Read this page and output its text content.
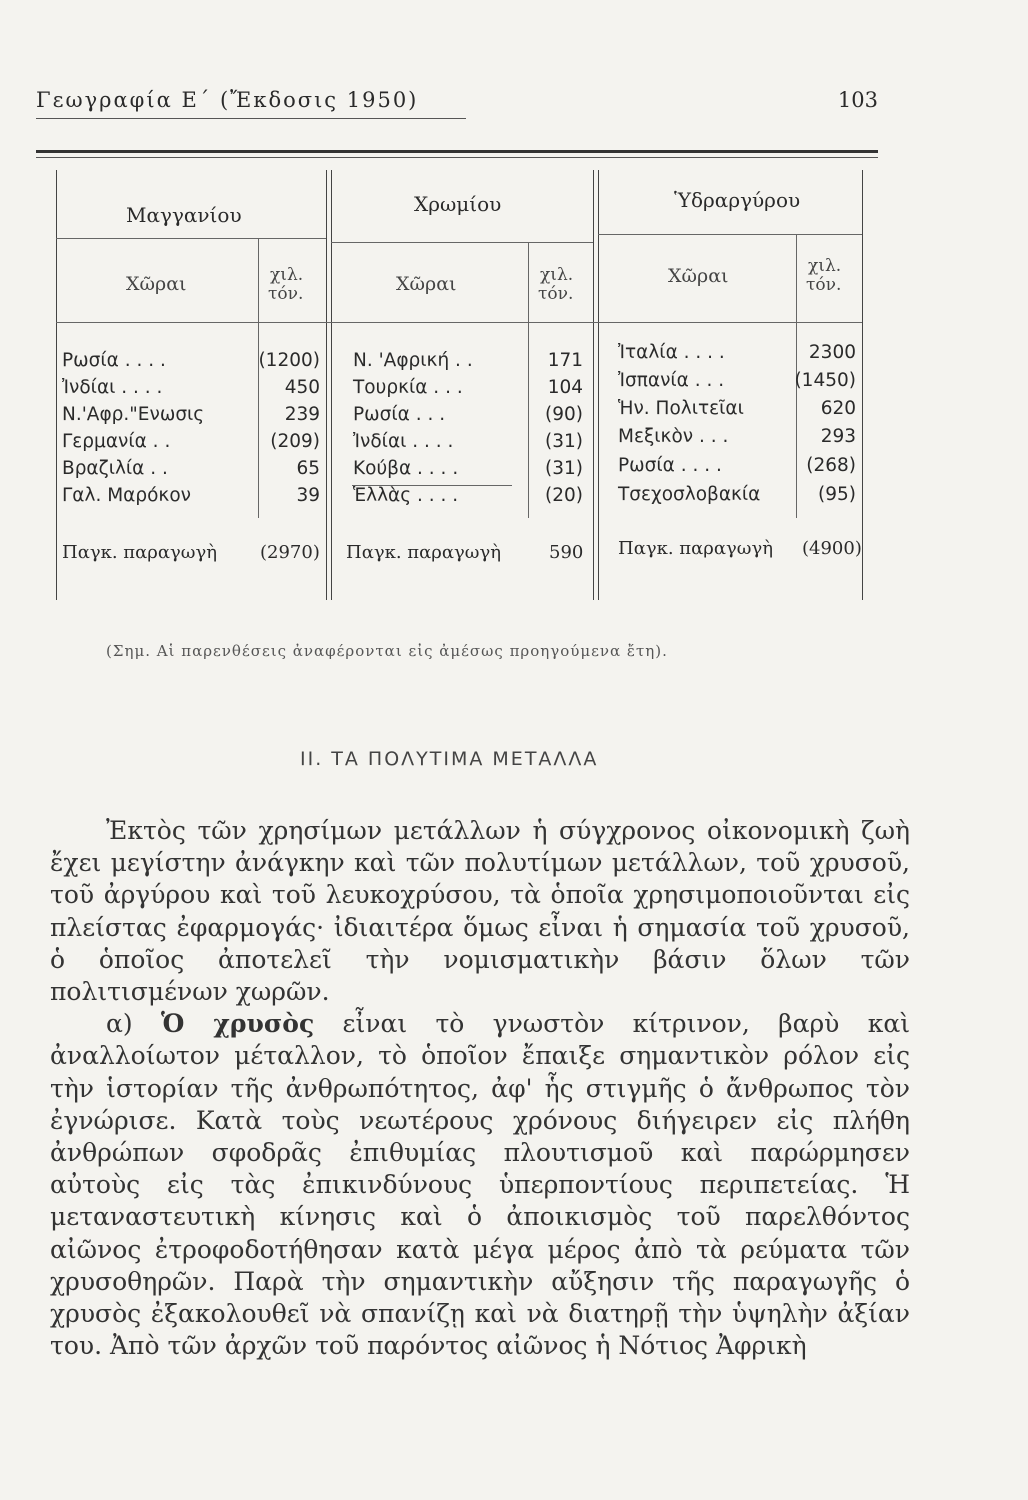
Γεωγραφία Ε΄ (Ἔκδοσις 1950)	103
Μαγγανίου
Χῶραι	χιλ.
τόν.
Ρωσία . . . .	(1200)
Ἰνδίαι . . . .	450
Ν.'Αφρ."Ενωσις	239
Γερμανία . .	(209)
Βραζιλία . .	65
Γαλ. Μαρόκον	39
Παγκ. παραγωγὴ (2970)
Χρωμίου
Χῶραι	χιλ.
τόν.
Ν. 'Αφρική . .	171
Τουρκία . . .	104
Ρωσία . . .	(90)
Ἰνδίαι . . . .	(31)
Κούβα . . . .	(31)
Ἑλλὰς . . . .	(20)
Παγκ. παραγωγὴ	590
Ὑδραργύρου
Χῶραι	χιλ.
τόν.
Ἰταλία . . . .	2300
Ἰσπανία . . .	(1450)
Ἡν. Πολιτεῖαι	620
Μεξικὸν . . .	293
Ρωσία . . . .	(268)
Τσεχοσλοβακία	(95)
Παγκ. παραγωγὴ (4900)
(Σημ. Αἱ παρενθέσεις ἀναφέρονται εἰς ἀμέσως προηγούμενα ἔτη).
ΙΙ. ΤΑ ΠΟΛΥΤΙΜΑ ΜΕΤΑΛΛΑ

Ἐκτὸς τῶν χρησίμων μετάλλων ἡ σύγχρονος οἰκονομικὴ ζωὴ ἔχει μεγίστην ἀνάγκην καὶ τῶν πολυτίμων μετάλλων, τοῦ χρυσοῦ, τοῦ ἀργύρου καὶ τοῦ λευκοχρύσου, τὰ ὁποῖα χρησιμοποιοῦνται εἰς πλείστας ἐφαρμογάς· ἰδιαιτέρα ὅμως εἶναι ἡ σημασία τοῦ χρυσοῦ, ὁ ὁποῖος ἀποτελεῖ τὴν νομισματικὴν βάσιν ὅλων τῶν πολιτισμένων χωρῶν.

α) Ὁ χρυσὸς εἶναι τὸ γνωστὸν κίτρινον, βαρὺ καὶ ἀναλλοίωτον μέταλλον, τὸ ὁποῖον ἔπαιξε σημαντικὸν ρόλον εἰς τὴν ἱστορίαν τῆς ἀνθρωπότητος, ἀφ' ἧς στιγμῆς ὁ ἄνθρωπος τὸν ἐγνώρισε. Κατὰ τοὺς νεωτέρους χρόνους διήγειρεν εἰς πλήθη ἀνθρώπων σφοδρᾶς ἐπιθυμίας πλουτισμοῦ καὶ παρώρμησεν αὐτοὺς εἰς τὰς ἐπικινδύνους ὑπερποντίους περιπετείας. Ἡ μεταναστευτικὴ κίνησις καὶ ὁ ἀποικισμὸς τοῦ παρελθόντος αἰῶνος ἐτροφοδοτήθησαν κατὰ μέγα μέρος ἀπὸ τὰ ρεύματα τῶν χρυσοθηρῶν. Παρὰ τὴν σημαντικὴν αὔξησιν τῆς παραγωγῆς ὁ χρυσὸς ἐξακολουθεῖ νὰ σπανίζῃ καὶ νὰ διατηρῇ τὴν ὑψηλὴν ἀξίαν του. Ἀπὸ τῶν ἀρχῶν τοῦ παρόντος αἰῶνος ἡ Νότιος Ἀφρικὴ
